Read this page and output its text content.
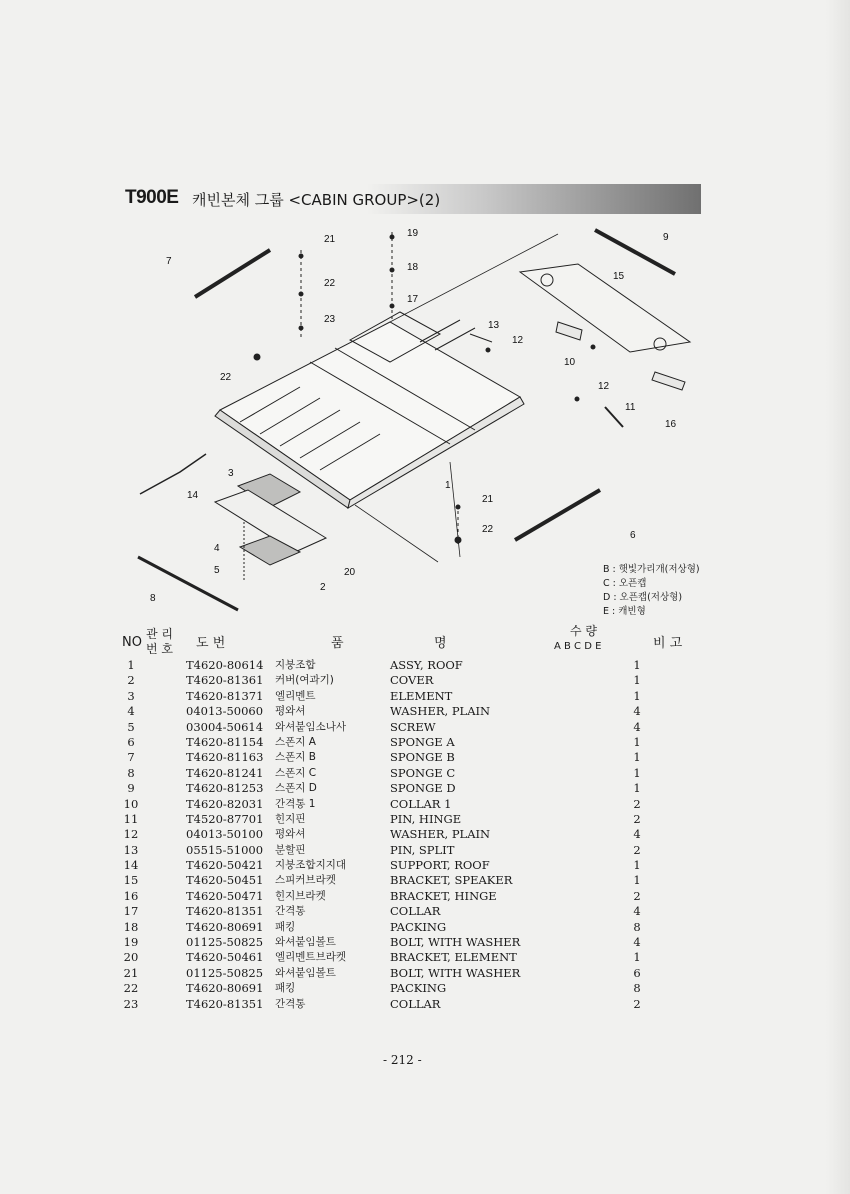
T900E 캐빈본체 그룹 <CABIN GROUP>(2)
21
22
23
22
7
19
18
17
9
15
13
12
10
12
11
16
1
3
14	21
22
6
4
5	20
2
8
B : 햇빛가리개(저상형)
C : 오픈캡
D : 오픈캡(저상형)
E : 캐빈형
NO
관 리
번 호 도 번	품	명
수 량
A B C D E	비 고
1	T4620-80614 지붕조합	ASSY, ROOF	1
2	T4620-81361 커버(여과기)	COVER	1
3	T4620-81371 엘리멘트	ELEMENT	1
4	04013-50060 평와셔	WASHER, PLAIN	4
5	03004-50614 와셔붙임소나사	SCREW	4
6	T4620-81154 스폰지 A	SPONGE A	1
7	T4620-81163 스폰지 B	SPONGE B	1
8	T4620-81241 스폰지 C	SPONGE C	1
9	T4620-81253 스폰지 D	SPONGE D	1
10	T4620-82031 간격통 1	COLLAR 1	2
11	T4520-87701 힌지핀	PIN, HINGE	2
12	04013-50100 평와셔	WASHER, PLAIN	4
13	05515-51000 분할핀	PIN, SPLIT	2
14	T4620-50421 지붕조합지지대	SUPPORT, ROOF	1
15	T4620-50451 스피커브라켓	BRACKET, SPEAKER	1
16	T4620-50471 힌지브라켓	BRACKET, HINGE	2
17	T4620-81351 간격통	COLLAR	4
18	T4620-80691 패킹	PACKING	8
19	01125-50825 와셔붙임볼트	BOLT, WITH WASHER	4
20	T4620-50461 엘리멘트브라켓	BRACKET, ELEMENT	1
21	01125-50825 와셔붙임볼트	BOLT, WITH WASHER	6
22	T4620-80691 패킹	PACKING	8
23	T4620-81351 간격통	COLLAR	2
- 212 -
